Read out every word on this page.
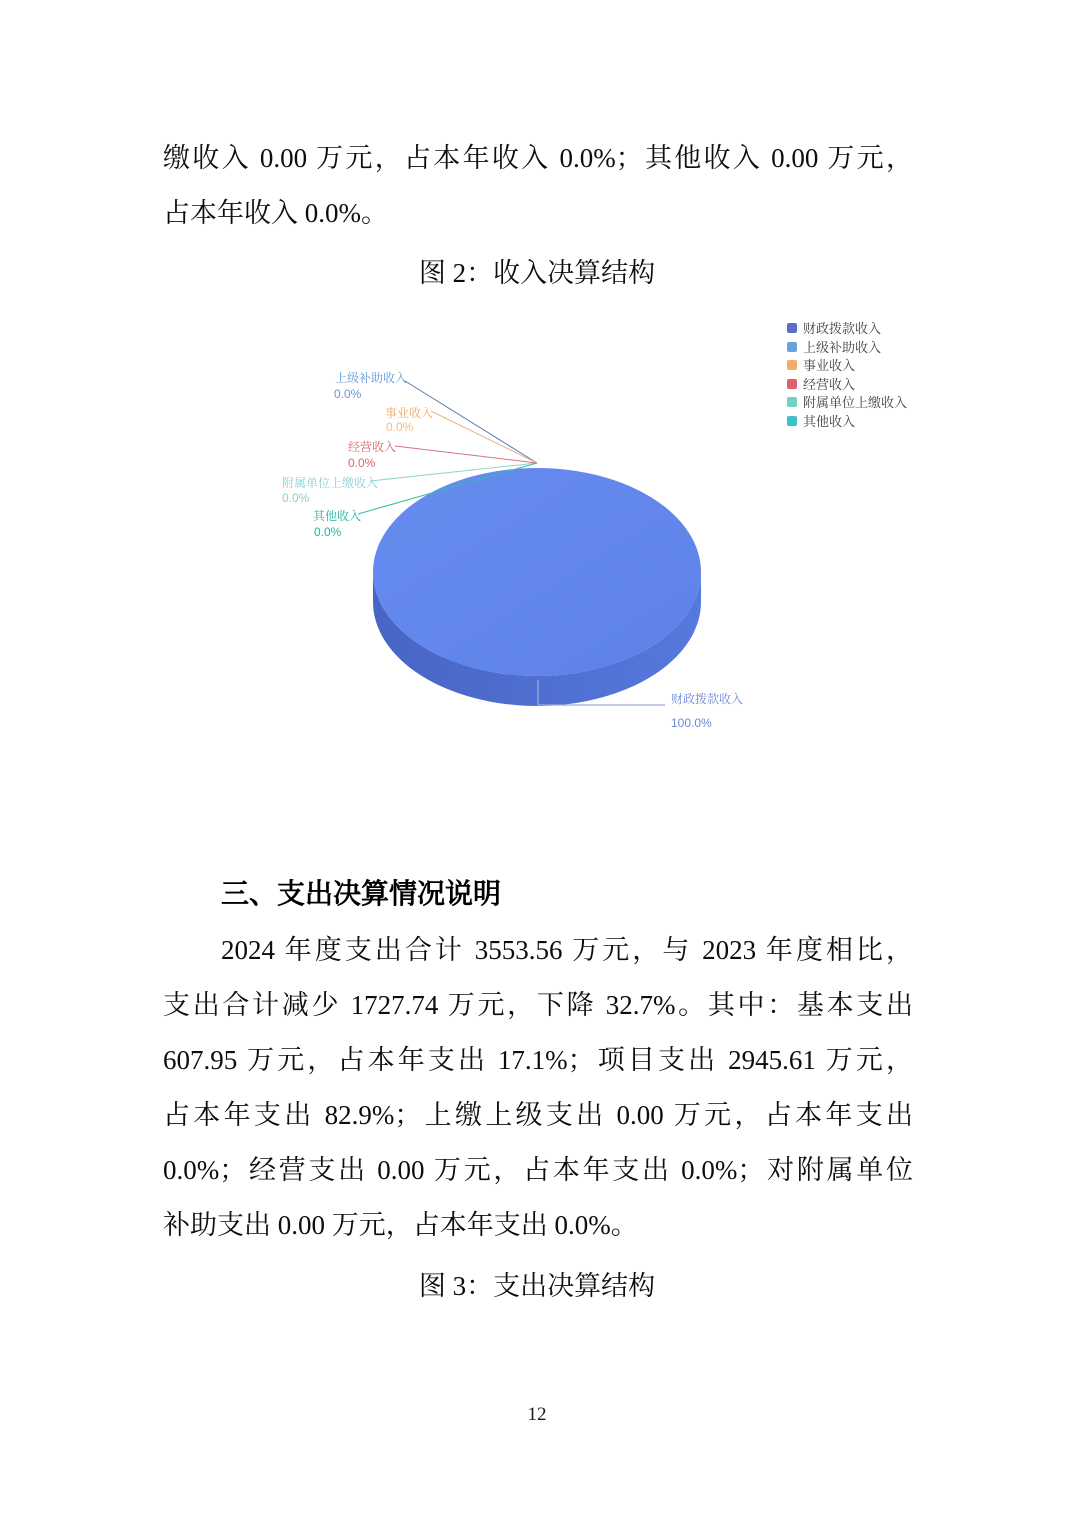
缴收入 0.00 万元，占本年收入 0.0%；其他收入 0.00 万元，
占本年收入 0.0%。
图 2：收入决算结构
上级补助收入
0.0%
事业收入
0.0%
经营收入
0.0%
附属单位上缴收入
0.0%
其他收入
0.0%
财政拨款收入
100.0%
财政拨款收入
上级补助收入
事业收入
经营收入
附属单位上缴收入
其他收入
三、支出决算情况说明
2024 年度支出合计 3553.56 万元，与 2023 年度相比，
支出合计减少 1727.74 万元，下降 32.7%。其中：基本支出
607.95 万元，占本年支出 17.1%；项目支出 2945.61 万元，
占本年支出 82.9%；上缴上级支出 0.00 万元，占本年支出
0.0%；经营支出 0.00 万元，占本年支出 0.0%；对附属单位
补助支出 0.00 万元，占本年支出 0.0%。
图 3：支出决算结构
12
